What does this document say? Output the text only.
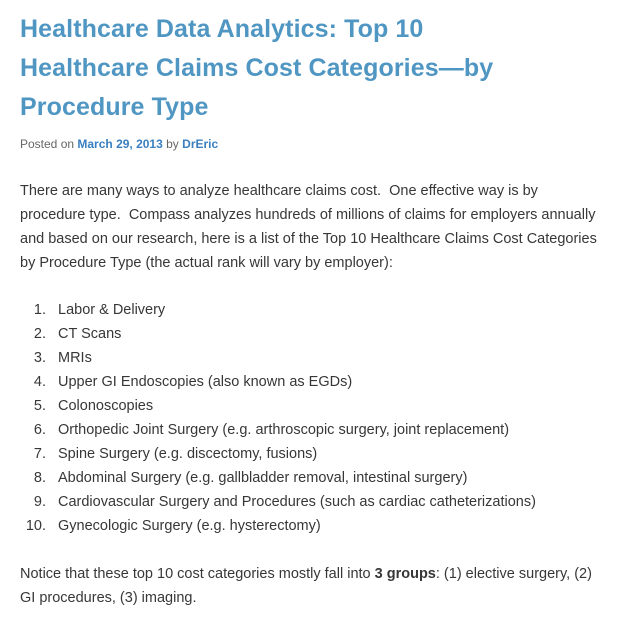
Healthcare Data Analytics: Top 10
Healthcare Claims Cost Categories—by
Procedure Type
Posted on March 29, 2013 by DrEric

There are many ways to analyze healthcare claims cost.  One effective way is by procedure type.  Compass analyzes hundreds of millions of claims for employers annually and based on our research, here is a list of the Top 10 Healthcare Claims Cost Categories by Procedure Type (the actual rank will vary by employer):

1. Labor & Delivery
2. CT Scans
3. MRIs
4. Upper GI Endoscopies (also known as EGDs)
5. Colonoscopies
6. Orthopedic Joint Surgery (e.g. arthroscopic surgery, joint replacement)
7. Spine Surgery (e.g. discectomy, fusions)
8. Abdominal Surgery (e.g. gallbladder removal, intestinal surgery)
9. Cardiovascular Surgery and Procedures (such as cardiac catheterizations)
10. Gynecologic Surgery (e.g. hysterectomy)

Notice that these top 10 cost categories mostly fall into 3 groups: (1) elective surgery, (2) GI procedures, (3) imaging.
